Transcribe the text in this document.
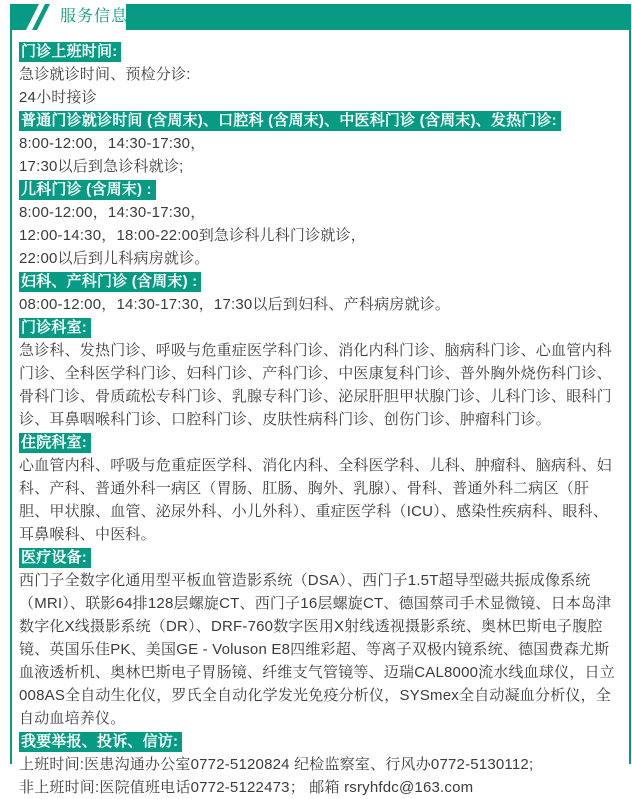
服务信息

门诊上班时间:

急诊就诊时间、预检分诊:

24小时接诊

普通门诊就诊时间 (含周末)、口腔科 (含周末)、中医科门诊 (含周末)、发热门诊:

8:00-12:00，14:30-17:30，

17:30以后到急诊科就诊;

儿科门诊 (含周末) :

8:00-12:00，14:30-17:30，

12:00-14:30，18:00-22:00到急诊科儿科门诊就诊，

22:00以后到儿科病房就诊。

妇科、产科门诊 (含周末) :

08:00-12:00，14:30-17:30，17:30以后到妇科、产科病房就诊。

门诊科室:

急诊科、发热门诊、呼吸与危重症医学科门诊、消化内科门诊、脑病科门诊、心血管内科门诊、全科医学科门诊、妇科门诊、产科门诊、中医康复科门诊、普外胸外烧伤科门诊、骨科门诊、骨质疏松专科门诊、乳腺专科门诊、泌尿肝胆甲状腺门诊、儿科门诊、眼科门诊、耳鼻咽喉科门诊、口腔科门诊、皮肤性病科门诊、创伤门诊、肿瘤科门诊。

住院科室:

心血管内科、呼吸与危重症医学科、消化内科、全科医学科、儿科、肿瘤科、脑病科、妇科、产科、普通外科一病区（胃肠、肛肠、胸外、乳腺）、骨科、普通外科二病区（肝胆、甲状腺、血管、泌尿外科、小儿外科）、重症医学科（ICU）、感染性疾病科、眼科、耳鼻喉科、中医科。

医疗设备:

西门子全数字化通用型平板血管造影系统（DSA）、西门子1.5T超导型磁共振成像系统（MRI）、联影64排128层螺旋CT、西门子16层螺旋CT、德国蔡司手术显微镜、日本岛津数字化X线摄影系统（DR）、DRF-760数字医用X射线透视摄影系统、奥林巴斯电子腹腔镜、英国乐佳PK、美国GE - Voluson E8四维彩超、等离子双极内镜系统、德国费森尤斯血液透析机、奥林巴斯电子胃肠镜、纤维支气管镜等、迈瑞CAL8000流水线血球仪，日立008AS全自动生化仪，罗氏全自动化学发光免疫分析仪，SYSmex全自动凝血分析仪，全自动血培养仪。

我要举报、投诉、信访:

上班时间:医患沟通办公室0772-5120824 纪检监察室、行风办0772-5130112;

非上班时间:医院值班电话0772-5122473； 邮箱 rsryhfdc@163.com
